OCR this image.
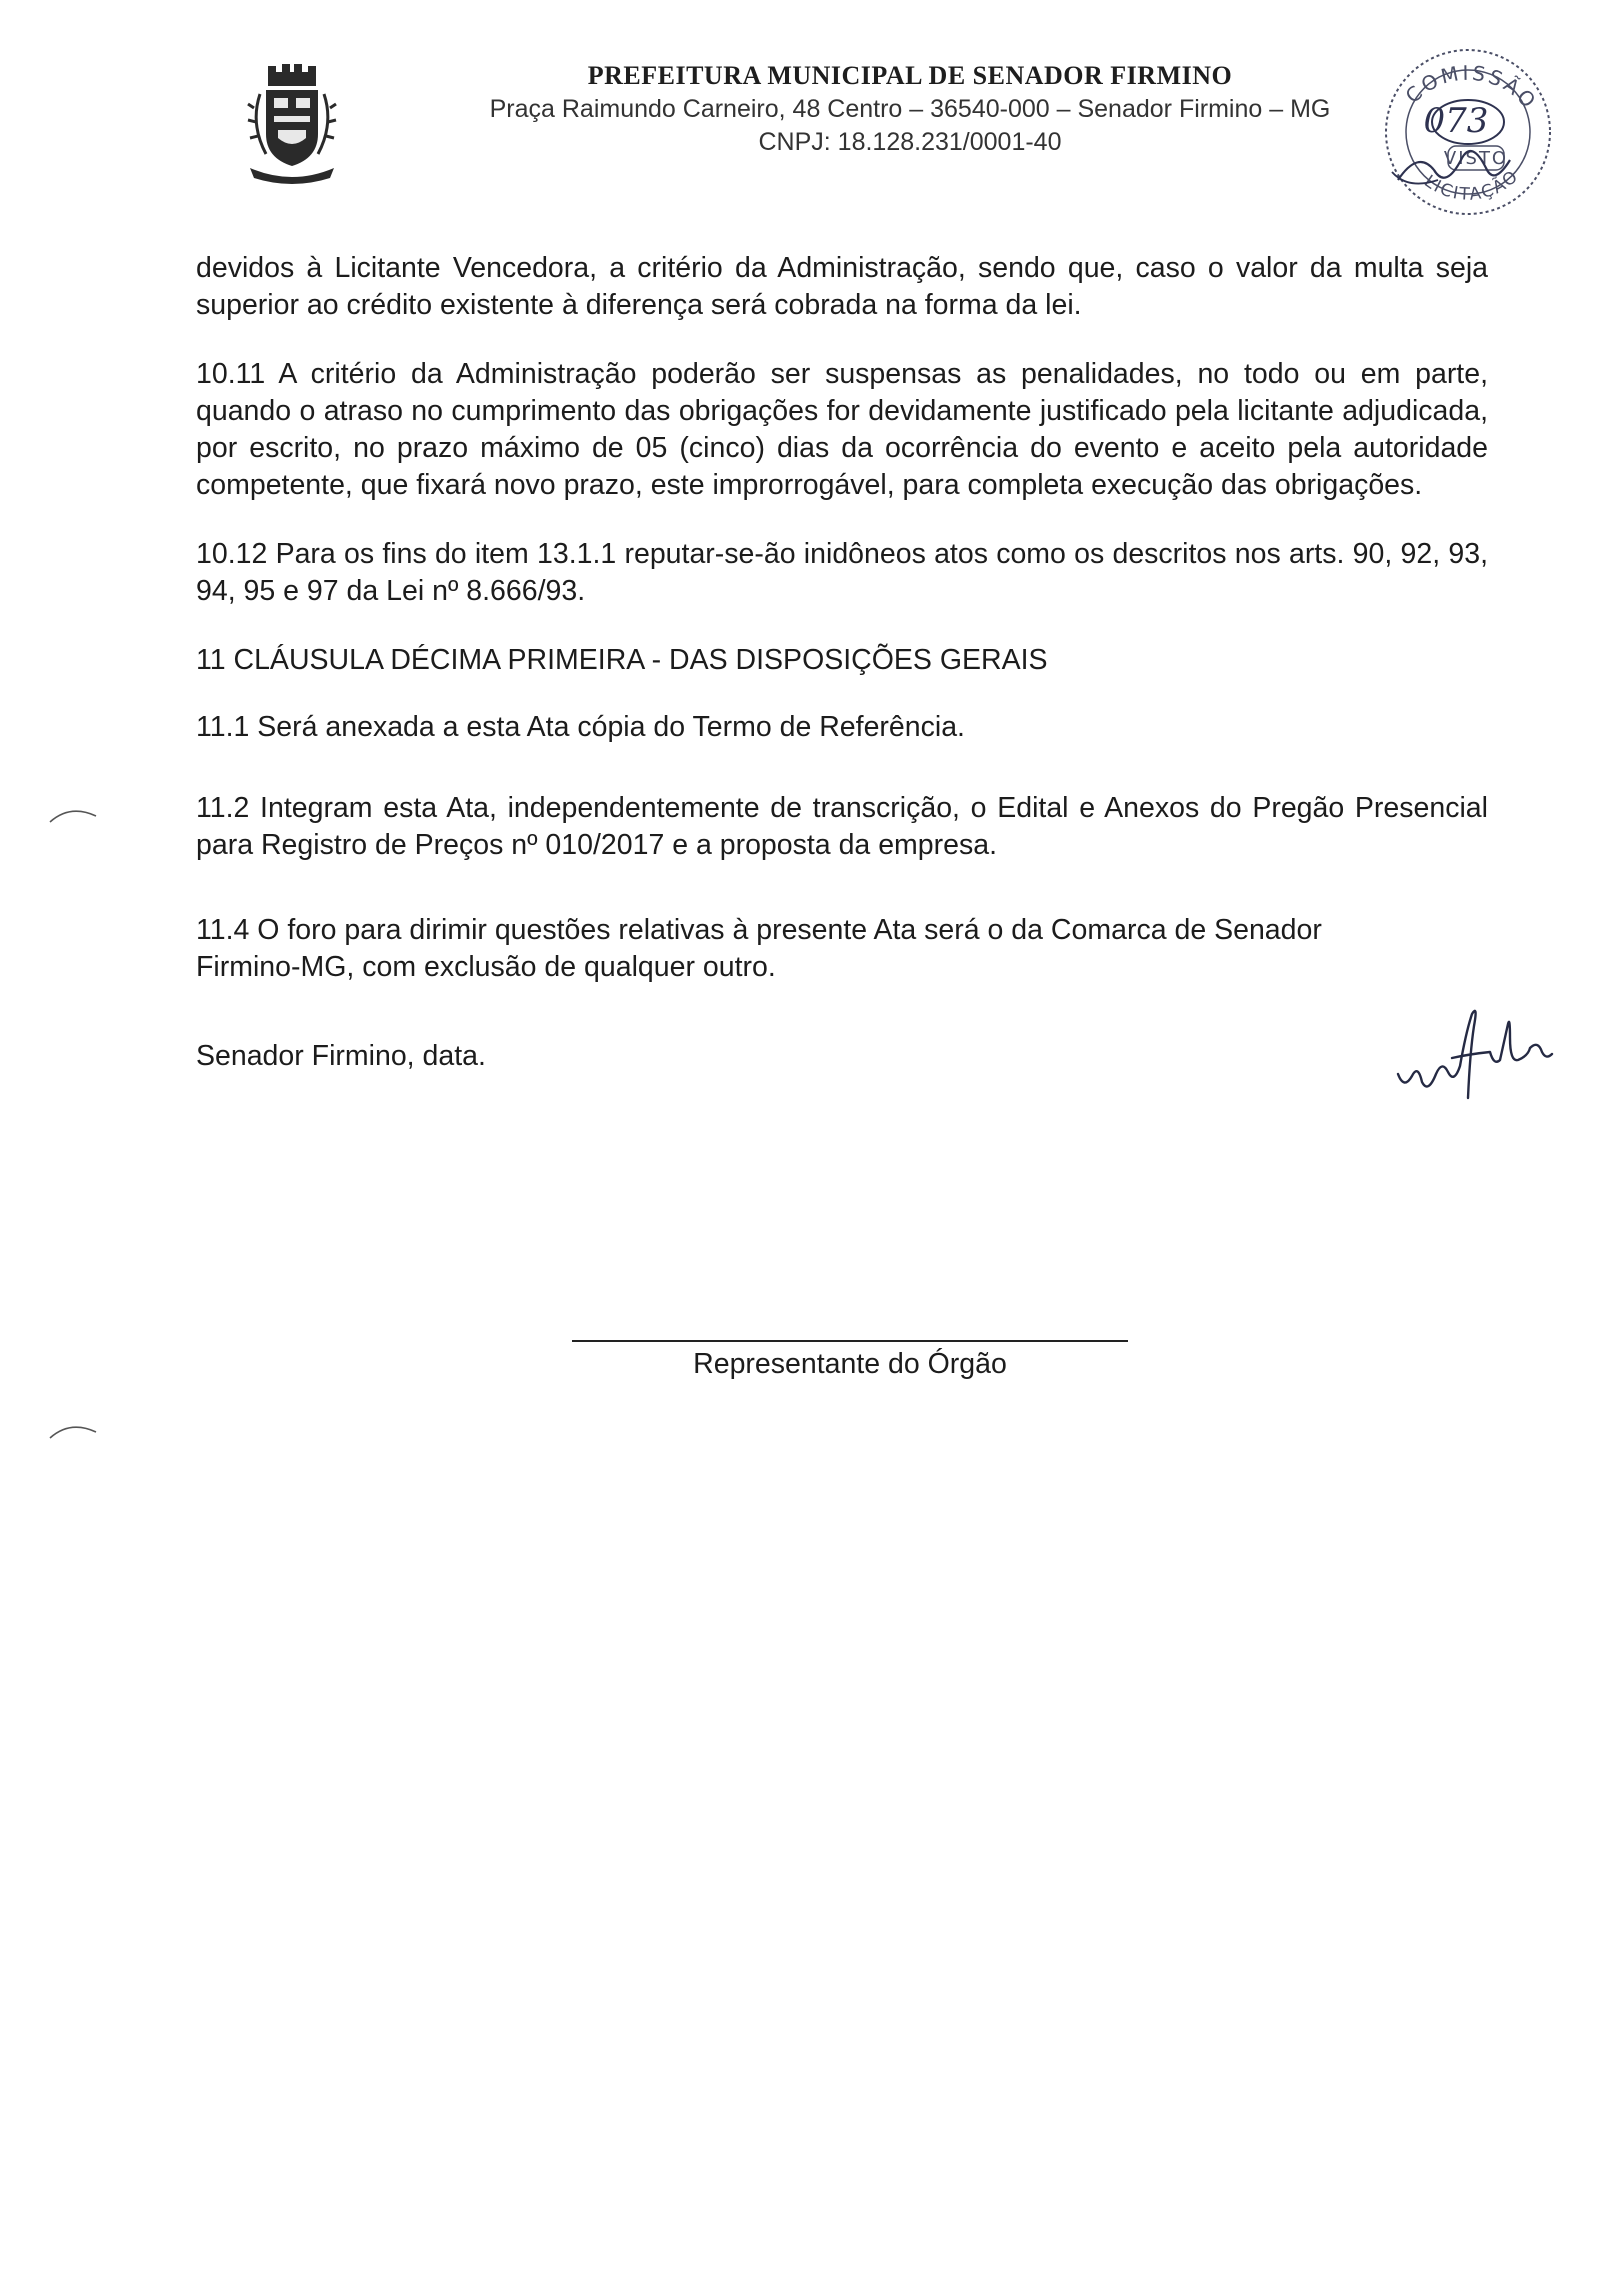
PREFEITURA MUNICIPAL DE SENADOR FIRMINO
Praça Raimundo Carneiro, 48 Centro – 36540-000 – Senador Firmino – MG
CNPJ: 18.128.231/0001-40
COMISSÃO
LICITAÇÃO
073
VISTO

devidos à Licitante Vencedora, a critério da Administração, sendo que, caso o valor da multa seja superior ao crédito existente à diferença será cobrada na forma da lei.

10.11 A critério da Administração poderão ser suspensas as penalidades, no todo ou em parte, quando o atraso no cumprimento das obrigações for devidamente justificado pela licitante adjudicada, por escrito, no prazo máximo de 05 (cinco) dias da ocorrência do evento e aceito pela autoridade competente, que fixará novo prazo, este improrrogável, para completa execução das obrigações.

10.12 Para os fins do item 13.1.1 reputar-se-ão inidôneos atos como os descritos nos arts. 90, 92, 93, 94, 95 e 97 da Lei nº 8.666/93.

11 CLÁUSULA DÉCIMA PRIMEIRA - DAS DISPOSIÇÕES GERAIS

11.1 Será anexada a esta Ata cópia do Termo de Referência.

11.2 Integram esta Ata, independentemente de transcrição, o Edital e Anexos do Pregão Presencial para Registro de Preços nº 010/2017 e a proposta da empresa.

11.4 O foro para dirimir questões relativas à presente Ata será o da Comarca de Senador
Firmino-MG, com exclusão de qualquer outro.

Senador Firmino, data.

Representante do Órgão
